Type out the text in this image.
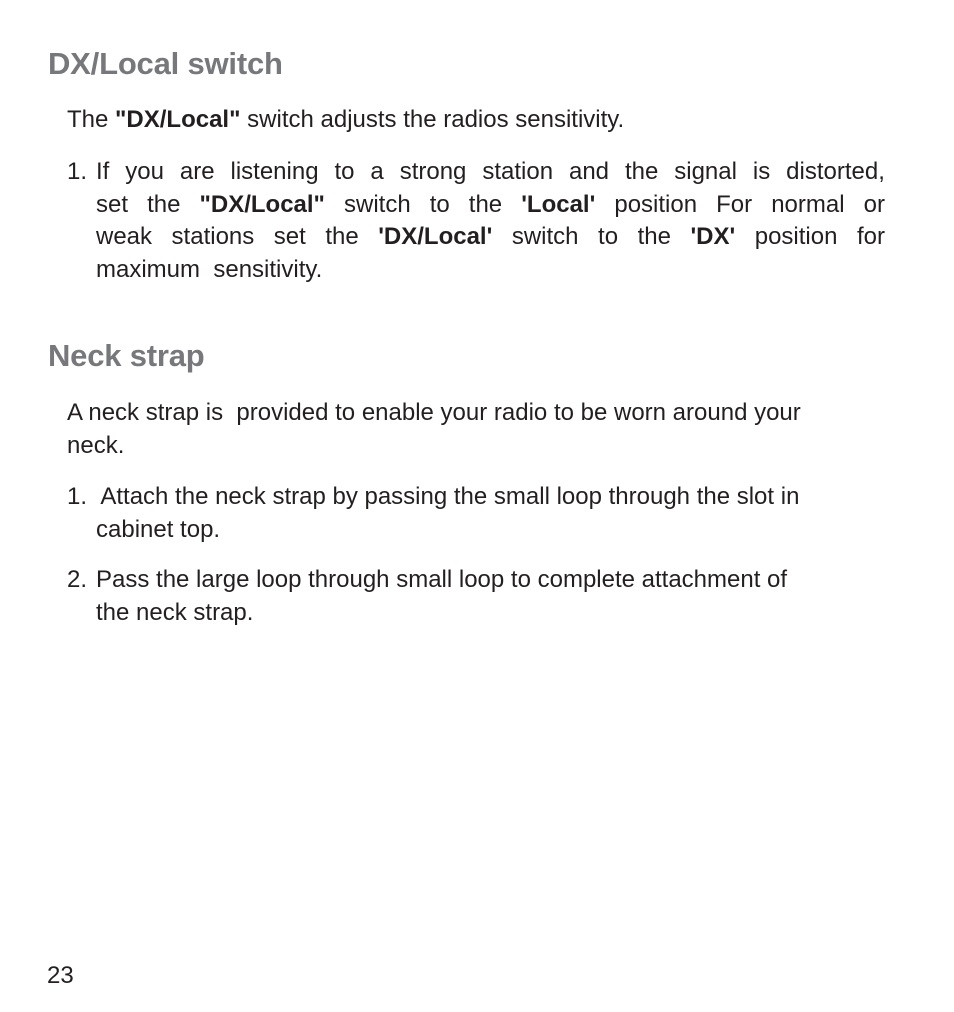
DX/Local switch

The "DX/Local" switch adjusts the radios sensitivity.

1. If you are listening to a strong station and the signal is distorted,
set the "DX/Local" switch to the 'Local' position For normal or
weak stations set the 'DX/Local' switch to the 'DX' position for
maximum  sensitivity.
Neck strap
A neck strap is  provided to enable your radio to be worn around your
neck.
1. Attach the neck strap by passing the small loop through the slot in
cabinet top.
2. Pass the large loop through small loop to complete attachment of
the neck strap.
23
